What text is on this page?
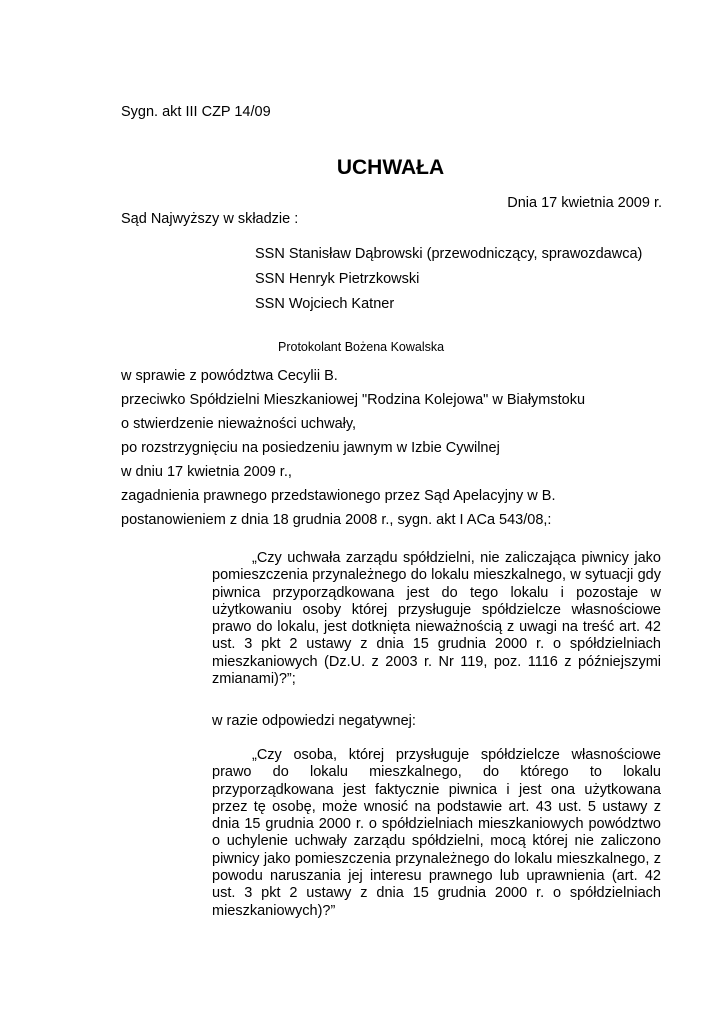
Sygn. akt III CZP 14/09
UCHWAŁA
Dnia 17 kwietnia 2009 r.
Sąd Najwyższy w składzie :
SSN Stanisław Dąbrowski (przewodniczący, sprawozdawca)
SSN Henryk Pietrzkowski
SSN Wojciech Katner
Protokolant Bożena Kowalska
w sprawie z powództwa Cecylii B.
przeciwko Spółdzielni Mieszkaniowej "Rodzina Kolejowa" w Białymstoku
o stwierdzenie nieważności uchwały,
po rozstrzygnięciu na posiedzeniu jawnym w Izbie Cywilnej
w dniu 17 kwietnia 2009 r.,
zagadnienia prawnego przedstawionego przez Sąd Apelacyjny w B.
postanowieniem z dnia 18 grudnia 2008 r., sygn. akt I ACa 543/08,:

„Czy uchwała zarządu spółdzielni, nie zaliczająca piwnicy jako pomieszczenia przynależnego do lokalu mieszkalnego, w sytuacji gdy piwnica przyporządkowana jest do tego lokalu i pozostaje w użytkowaniu osoby której przysługuje spółdzielcze własnościowe prawo do lokalu, jest dotknięta nieważnością z uwagi na treść art. 42 ust. 3 pkt 2 ustawy z dnia 15 grudnia 2000 r. o spółdzielniach mieszkaniowych (Dz.U. z 2003 r. Nr 119, poz. 1116 z późniejszymi zmianami)?”;

w razie odpowiedzi negatywnej:

„Czy osoba, której przysługuje spółdzielcze własnościowe prawo do lokalu mieszkalnego, do którego to lokalu przyporządkowana jest faktycznie piwnica i jest ona użytkowana przez tę osobę, może wnosić na podstawie art. 43 ust. 5 ustawy z dnia 15 grudnia 2000 r. o spółdzielniach mieszkaniowych powództwo o uchylenie uchwały zarządu spółdzielni, mocą której nie zaliczono piwnicy jako pomieszczenia przynależnego do lokalu mieszkalnego, z powodu naruszania jej interesu prawnego lub uprawnienia (art. 42 ust. 3 pkt 2 ustawy z dnia 15 grudnia 2000 r. o spółdzielniach mieszkaniowych)?”
